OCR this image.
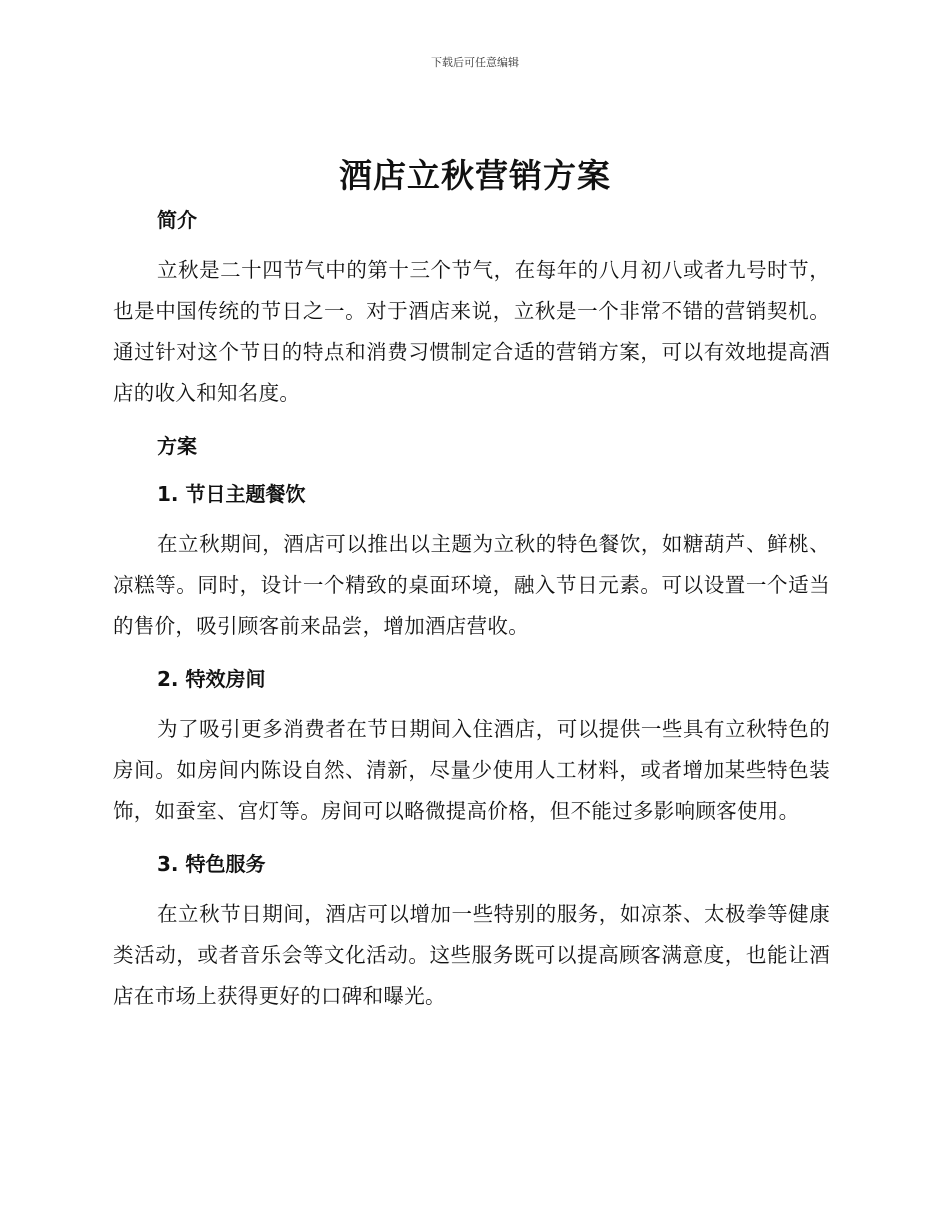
下载后可任意编辑
酒店立秋营销方案
简介

立秋是二十四节气中的第十三个节气，在每年的八月初八或者九号时节，也是中国传统的节日之一。对于酒店来说，立秋是一个非常不错的营销契机。通过针对这个节日的特点和消费习惯制定合适的营销方案，可以有效地提高酒店的收入和知名度。

方案
1. 节日主题餐饮

在立秋期间，酒店可以推出以主题为立秋的特色餐饮，如糖葫芦、鲜桃、凉糕等。同时，设计一个精致的桌面环境，融入节日元素。可以设置一个适当的售价，吸引顾客前来品尝，增加酒店营收。

2. 特效房间

为了吸引更多消费者在节日期间入住酒店，可以提供一些具有立秋特色的房间。如房间内陈设自然、清新，尽量少使用人工材料，或者增加某些特色装饰，如蚕室、宫灯等。房间可以略微提高价格，但不能过多影响顾客使用。

3. 特色服务

在立秋节日期间，酒店可以增加一些特别的服务，如凉茶、太极拳等健康类活动，或者音乐会等文化活动。这些服务既可以提高顾客满意度，也能让酒店在市场上获得更好的口碑和曝光。
